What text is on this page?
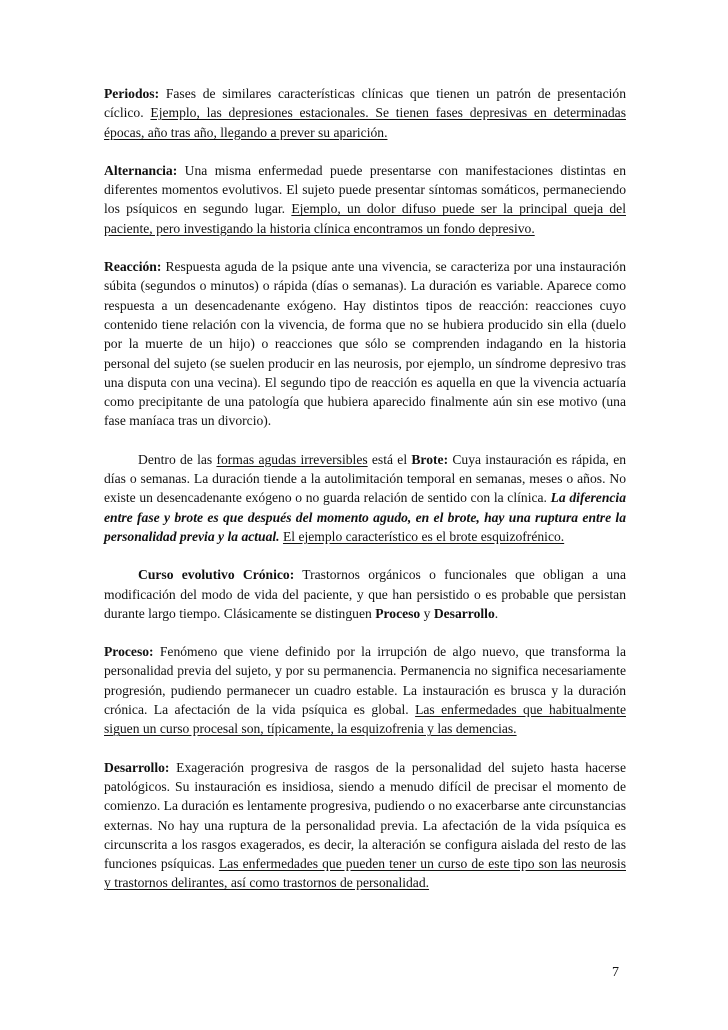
Periodos: Fases de similares características clínicas que tienen un patrón de presentación cíclico. Ejemplo, las depresiones estacionales. Se tienen fases depresivas en determinadas épocas, año tras año, llegando a prever su aparición.

Alternancia: Una misma enfermedad puede presentarse con manifestaciones distintas en diferentes momentos evolutivos. El sujeto puede presentar síntomas somáticos, permaneciendo los psíquicos en segundo lugar. Ejemplo, un dolor difuso puede ser la principal queja del paciente, pero investigando la historia clínica encontramos un fondo depresivo.

Reacción: Respuesta aguda de la psique ante una vivencia, se caracteriza por una instauración súbita (segundos o minutos) o rápida (días o semanas). La duración es variable. Aparece como respuesta a un desencadenante exógeno. Hay distintos tipos de reacción: reacciones cuyo contenido tiene relación con la vivencia, de forma que no se hubiera producido sin ella (duelo por la muerte de un hijo) o reacciones que sólo se comprenden indagando en la historia personal del sujeto (se suelen producir en las neurosis, por ejemplo, un síndrome depresivo tras una disputa con una vecina). El segundo tipo de reacción es aquella en que la vivencia actuaría como precipitante de una patología que hubiera aparecido finalmente aún sin ese motivo (una fase maníaca tras un divorcio).

Dentro de las formas agudas irreversibles está el Brote: Cuya instauración es rápida, en días o semanas. La duración tiende a la autolimitación temporal en semanas, meses o años. No existe un desencadenante exógeno o no guarda relación de sentido con la clínica. La diferencia entre fase y brote es que después del momento agudo, en el brote, hay una ruptura entre la personalidad previa y la actual. El ejemplo característico es el brote esquizofrénico.

Curso evolutivo Crónico: Trastornos orgánicos o funcionales que obligan a una modificación del modo de vida del paciente, y que han persistido o es probable que persistan durante largo tiempo. Clásicamente se distinguen Proceso y Desarrollo.

Proceso: Fenómeno que viene definido por la irrupción de algo nuevo, que transforma la personalidad previa del sujeto, y por su permanencia. Permanencia no significa necesariamente progresión, pudiendo permanecer un cuadro estable. La instauración es brusca y la duración crónica. La afectación de la vida psíquica es global. Las enfermedades que habitualmente siguen un curso procesal son, típicamente, la esquizofrenia y las demencias.

Desarrollo: Exageración progresiva de rasgos de la personalidad del sujeto hasta hacerse patológicos. Su instauración es insidiosa, siendo a menudo difícil de precisar el momento de comienzo. La duración es lentamente progresiva, pudiendo o no exacerbarse ante circunstancias externas. No hay una ruptura de la personalidad previa. La afectación de la vida psíquica es circunscrita a los rasgos exagerados, es decir, la alteración se configura aislada del resto de las funciones psíquicas. Las enfermedades que pueden tener un curso de este tipo son las neurosis y trastornos delirantes, así como trastornos de personalidad.

7
